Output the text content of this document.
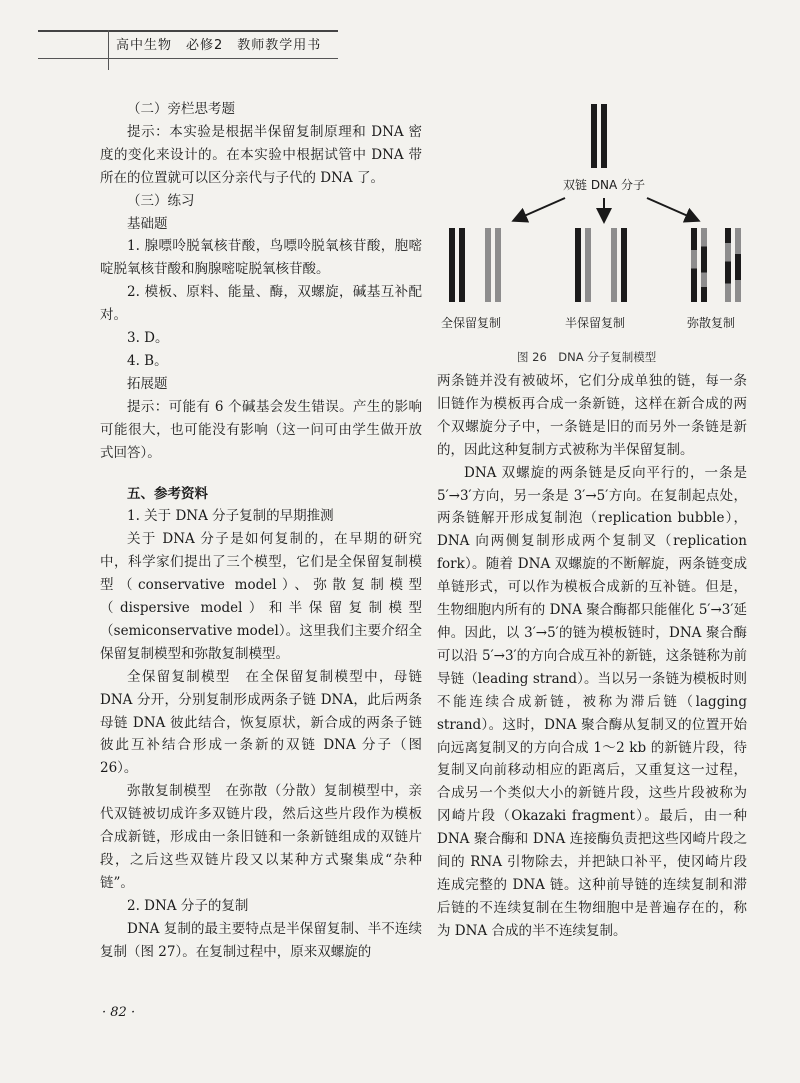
高中生物　必修2　教师教学用书

（二）旁栏思考题

提示：本实验是根据半保留复制原理和 DNA 密度的变化来设计的。在本实验中根据试管中 DNA 带所在的位置就可以区分亲代与子代的 DNA 了。

（三）练习

基础题

1. 腺嘌呤脱氧核苷酸，鸟嘌呤脱氧核苷酸，胞嘧啶脱氧核苷酸和胸腺嘧啶脱氧核苷酸。

2. 模板、原料、能量、酶，双螺旋，碱基互补配对。

3. D。

4. B。

拓展题

提示：可能有 6 个碱基会发生错误。产生的影响可能很大，也可能没有影响（这一问可由学生做开放式回答）。

五、参考资料

1. 关于 DNA 分子复制的早期推测

关于 DNA 分子是如何复制的，在早期的研究中，科学家们提出了三个模型，它们是全保留复制模型（conservative model）、弥散复制模型（dispersive model）和半保留复制模型（semiconservative model）。这里我们主要介绍全保留复制模型和弥散复制模型。

全保留复制模型　 在全保留复制模型中，母链 DNA 分开，分别复制形成两条子链 DNA，此后两条母链 DNA 彼此结合，恢复原状，新合成的两条子链彼此互补结合形成一条新的双链 DNA 分子（图 26）。

弥散复制模型　 在弥散（分散）复制模型中，亲代双链被切成许多双链片段，然后这些片段作为模板合成新链，形成由一条旧链和一条新链组成的双链片段，之后这些双链片段又以某种方式聚集成“杂种链”。

2. DNA 分子的复制

DNA 复制的最主要特点是半保留复制、半不连续复制（图 27）。在复制过程中，原来双螺旋的

双链 DNA 分子
全保留复制	半保留复制	弥散复制
图 26　DNA 分子复制模型

两条链并没有被破坏，它们分成单独的链，每一条旧链作为模板再合成一条新链，这样在新合成的两个双螺旋分子中，一条链是旧的而另外一条链是新的，因此这种复制方式被称为半保留复制。

DNA 双螺旋的两条链是反向平行的，一条是 5′→3′方向，另一条是 3′→5′方向。在复制起点处，两条链解开形成复制泡（replication bubble），DNA 向两侧复制形成两个复制叉（replication fork）。随着 DNA 双螺旋的不断解旋，两条链变成单链形式，可以作为模板合成新的互补链。但是，生物细胞内所有的 DNA 聚合酶都只能催化 5′→3′延伸。因此，以 3′→5′的链为模板链时，DNA 聚合酶可以沿 5′→3′的方向合成互补的新链，这条链称为前导链（leading strand）。当以另一条链为模板时则不能连续合成新链，被称为滞后链（lagging strand）。这时，DNA 聚合酶从复制叉的位置开始向远离复制叉的方向合成 1～2 kb 的新链片段，待复制叉向前移动相应的距离后，又重复这一过程，合成另一个类似大小的新链片段，这些片段被称为冈崎片段（Okazaki fragment）。最后，由一种 DNA 聚合酶和 DNA 连接酶负责把这些冈崎片段之间的 RNA 引物除去，并把缺口补平，使冈崎片段连成完整的 DNA 链。这种前导链的连续复制和滞后链的不连续复制在生物细胞中是普遍存在的，称为 DNA 合成的半不连续复制。

· 82 ·
